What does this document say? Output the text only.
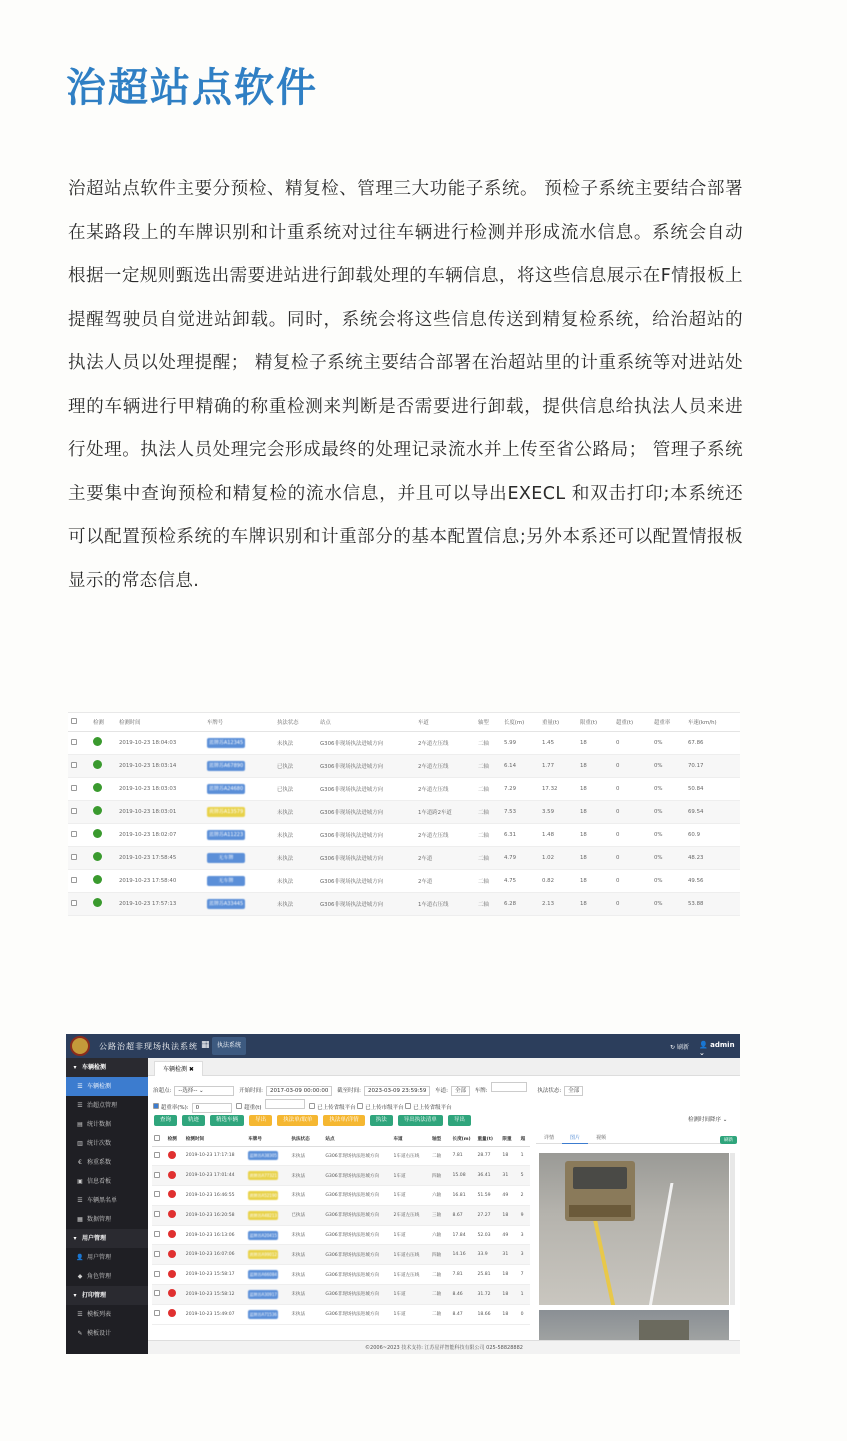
治超站点软件
治超站点软件主要分预检、精复检、管理三大功能子系统。 预检子系统主要结合部署在某路段上的车牌识别和计重系统对过往车辆进行检测并形成流水信息。系统会自动根据一定规则甄选出需要进站进行卸载处理的车辆信息，将这些信息展示在F情报板上提醒驾驶员自觉进站卸载。同时，系统会将这些信息传送到精复检系统，给治超站的执法人员以处理提醒； 精复检子系统主要结合部署在治超站里的计重系统等对进站处理的车辆进行甲精确的称重检测来判断是否需要进行卸载，提供信息给执法人员来进行处理。执法人员处理完会形成最终的处理记录流水并上传至省公路局； 管理子系统主要集中查询预检和精复检的流水信息，并且可以导出EXECL 和双击打印;本系统还可以配置预检系统的车牌识别和计重部分的基本配置信息;另外本系还可以配置情报板显示的常态信息.
	检测	检测时间	车牌号	执法状态	站点	车道	轴型	长度(m)	重量(t)	限重(t)	超重(t)	超重率	车速(km/h)
		2019-10-23 18:04:03	蓝牌苏A12345	未执法	G306非现场执法进城方向	2车道左压线	二轴	5.99	1.45	18	0	0%	67.86
		2019-10-23 18:03:14	蓝牌苏A67890	已执法	G306非现场执法进城方向	2车道左压线	二轴	6.14	1.77	18	0	0%	70.17
		2019-10-23 18:03:03	蓝牌苏A24680	已执法	G306非现场执法进城方向	2车道左压线	二轴	7.29	17.32	18	0	0%	50.84
		2019-10-23 18:03:01	黄牌苏A13579	未执法	G306非现场执法进城方向	1车道跨2车道	二轴	7.53	3.59	18	0	0%	69.54
		2019-10-23 18:02:07	蓝牌苏A11223	未执法	G306非现场执法进城方向	2车道左压线	二轴	6.31	1.48	18	0	0%	60.9
		2019-10-23 17:58:45	无车牌	未执法	G306非现场执法进城方向	2车道	二轴	4.79	1.02	18	0	0%	48.23
		2019-10-23 17:58:40	无车牌	未执法	G306非现场执法进城方向	2车道	二轴	4.75	0.82	18	0	0%	49.56
		2019-10-23 17:57:13	蓝牌苏A33445	未执法	G306非现场执法进城方向	1车道右压线	二轴	6.28	2.13	18	0	0%	53.88
公路治超非现场执法系统 ▦	执法系统	↻ 刷新 👤 admin ⌄
▾ 车辆检测
☰ 车辆检测
☰ 治超点管理
▤ 统计数据
▥ 统计次数
€ 称重系数
▣ 信息看板
☰ 车辆黑名单
▦ 数据管理
▾ 用户管理
👤 用户管理
◆ 角色管理
▾ 打印管理
☰ 模板列表
✎ 模板设计
车辆检测 ✖
治超点: --选择-- ⌄	开始时间: 2017-03-09 00:00:00 截至时间: 2023-03-09 23:59:59 车道: 全部 车牌:	执法状态: 全部
超重率(%): 0	超重(t)	已上传省级平台 已上传市级平台 已上传省级平台
查询	轨迹	精选车辆	导出	执法单/取单	执法单/详情	执法	导出执法清单	导出	检测时间降序 ⌄
	检测	检测时间	车牌号	执法状态	站点	车道	轴型	长度(m)	重量(t)	限重	超
		2019-10-23 17:17:18	蓝牌苏A38305	未执法	G306非现场执法进城方向	1车道右压线	二轴	7.81	28.77	18	1
		2019-10-23 17:01:44	黄牌苏A77321	未执法	G306非现场执法进城方向	1车道	四轴	15.08	36.41	31	5
		2019-10-23 16:46:55	黄牌苏A52190	未执法	G306非现场执法进城方向	1车道	六轴	16.81	51.59	49	2
		2019-10-23 16:20:58	黄牌苏A48213	已执法	G306非现场执法进城方向	2车道左压线	三轴	8.67	27.27	18	9
		2019-10-23 16:13:06	蓝牌苏A20415	未执法	G306非现场执法进城方向	1车道	六轴	17.84	52.03	49	3
		2019-10-23 16:07:06	黄牌苏A99012	未执法	G306非现场执法进城方向	1车道右压线	四轴	14.16	33.9	31	3
		2019-10-23 15:58:17	蓝牌苏A66084	未执法	G306非现场执法进城方向	1车道左压线	二轴	7.81	25.81	18	7
		2019-10-23 15:58:12	蓝牌苏A30917	未执法	G306非现场执法进城方向	1车道	二轴	8.46	31.72	18	1
		2019-10-23 15:49:07	蓝牌苏A71536	未执法	G306非现场执法进城方向	1车道	二轴	8.47	18.66	18	0
详情	图片	视频	刷新
©2006~2023 技术支持: 江苏星祥智能科技有限公司 025-58828882
